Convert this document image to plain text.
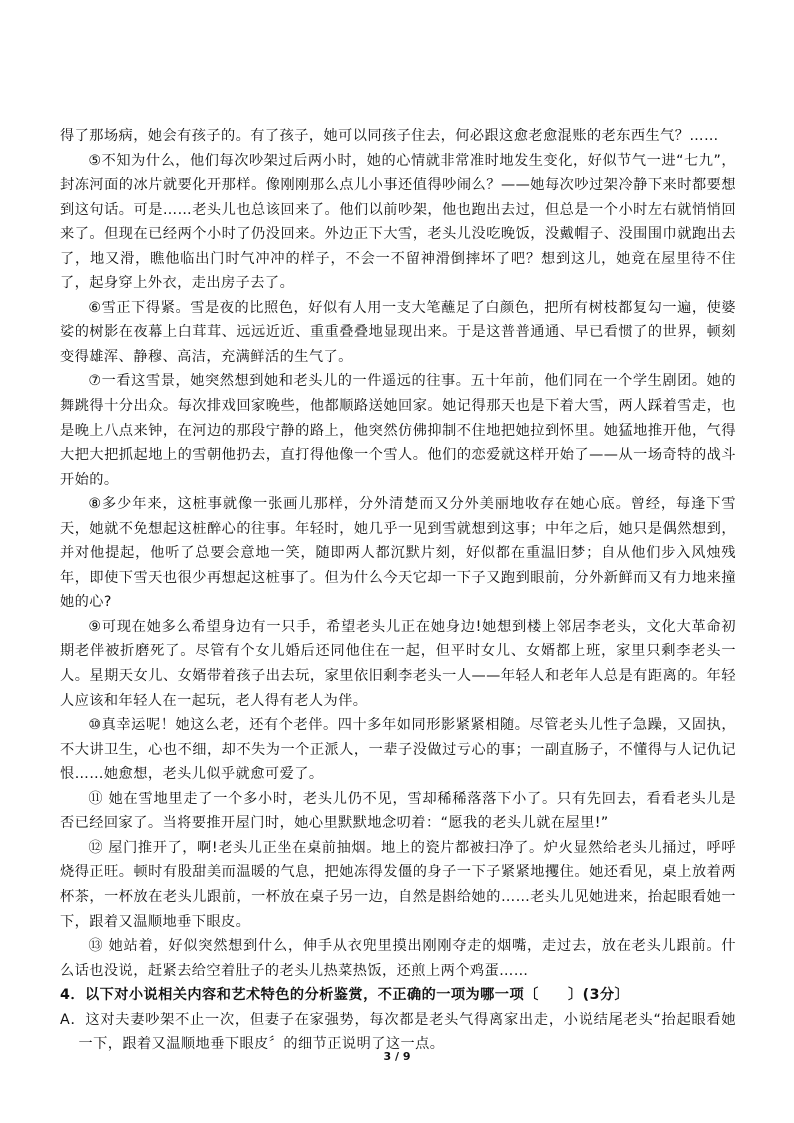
得了那场病，她会有孩子的。有了孩子，她可以同孩子住去，何必跟这愈老愈混账的老东西生气？……

⑤不知为什么，他们每次吵架过后两小时，她的心情就非常准时地发生变化，好似节气一进“七九”，封冻河面的冰片就要化开那样。像刚刚那么点儿小事还值得吵闹么？——她每次吵过架冷静下来时都要想到这句话。可是……老头儿也总该回来了。他们以前吵架，他也跑出去过，但总是一个小时左右就悄悄回来了。但现在已经两个小时了仍没回来。外边正下大雪，老头儿没吃晚饭，没戴帽子、没围围巾就跑出去了，地又滑，瞧他临出门时气冲冲的样子，不会一不留神滑倒摔坏了吧？想到这儿，她竟在屋里待不住了，起身穿上外衣，走出房子去了。

⑥雪正下得紧。雪是夜的比照色，好似有人用一支大笔蘸足了白颜色，把所有树枝都复勾一遍，使婆娑的树影在夜幕上白茸茸、远远近近、重重叠叠地显现出来。于是这普普通通、早已看惯了的世界，顿刻变得雄浑、静穆、高洁，充满鲜活的生气了。

⑦一看这雪景，她突然想到她和老头儿的一件遥远的往事。五十年前，他们同在一个学生剧团。她的舞跳得十分出众。每次排戏回家晚些，他都顺路送她回家。她记得那天也是下着大雪，两人踩着雪走，也是晚上八点来钟，在河边的那段宁静的路上，他突然仿佛抑制不住地把她拉到怀里。她猛地推开他，气得大把大把抓起地上的雪朝他扔去，直打得他像一个雪人。他们的恋爱就这样开始了——从一场奇特的战斗开始的。

⑧多少年来，这桩事就像一张画儿那样，分外清楚而又分外美丽地收存在她心底。曾经，每逢下雪天，她就不免想起这桩醉心的往事。年轻时，她几乎一见到雪就想到这事；中年之后，她只是偶然想到，并对他提起，他听了总要会意地一笑，随即两人都沉默片刻，好似都在重温旧梦；自从他们步入风烛残年，即使下雪天也很少再想起这桩事了。但为什么今天它却一下子又跑到眼前，分外新鲜而又有力地来撞她的心?

⑨可现在她多么希望身边有一只手，希望老头儿正在她身边!她想到楼上邻居李老头，文化大革命初期老伴被折磨死了。尽管有个女儿婚后还同他住在一起，但平时女儿、女婿都上班，家里只剩李老头一人。星期天女儿、女婿带着孩子出去玩，家里依旧剩李老头一人——年轻人和老年人总是有距离的。年轻人应该和年轻人在一起玩，老人得有老人为伴。

⑩真幸运呢！她这么老，还有个老伴。四十多年如同形影紧紧相随。尽管老头儿性子急躁，又固执，不大讲卫生，心也不细，却不失为一个正派人，一辈子没做过亏心的事；一副直肠子，不懂得与人记仇记恨……她愈想，老头儿似乎就愈可爱了。

⑪ 她在雪地里走了一个多小时，老头儿仍不见，雪却稀稀落落下小了。只有先回去，看看老头儿是否已经回家了。当将要推开屋门时，她心里默默地念叨着：“愿我的老头儿就在屋里!”

⑫ 屋门推开了，啊!老头儿正坐在桌前抽烟。地上的瓷片都被扫净了。炉火显然给老头儿捅过，呼呼烧得正旺。顿时有股甜美而温暖的气息，把她冻得发僵的身子一下子紧紧地攫住。她还看见，桌上放着两杯茶，一杯放在老头儿跟前，一杯放在桌子另一边，自然是斟给她的……老头儿见她进来，抬起眼看她一下，跟着又温顺地垂下眼皮。

⑬ 她站着，好似突然想到什么，伸手从衣兜里摸出刚刚夺走的烟嘴，走过去，放在老头儿跟前。什么话也没说，赶紧去给空着肚子的老头儿热菜热饭，还煎上两个鸡蛋……

4．以下对小说相关内容和艺术特色的分析鉴赏，不正确的一项为哪一项〔　　〕(3分〕

A．这对夫妻吵架不止一次，但妻子在家强势，每次都是老头气得离家出走，小说结尾老头“抬起眼看她一下，跟着又温顺地垂下眼皮〞的细节正说明了这一点。

3 / 9
